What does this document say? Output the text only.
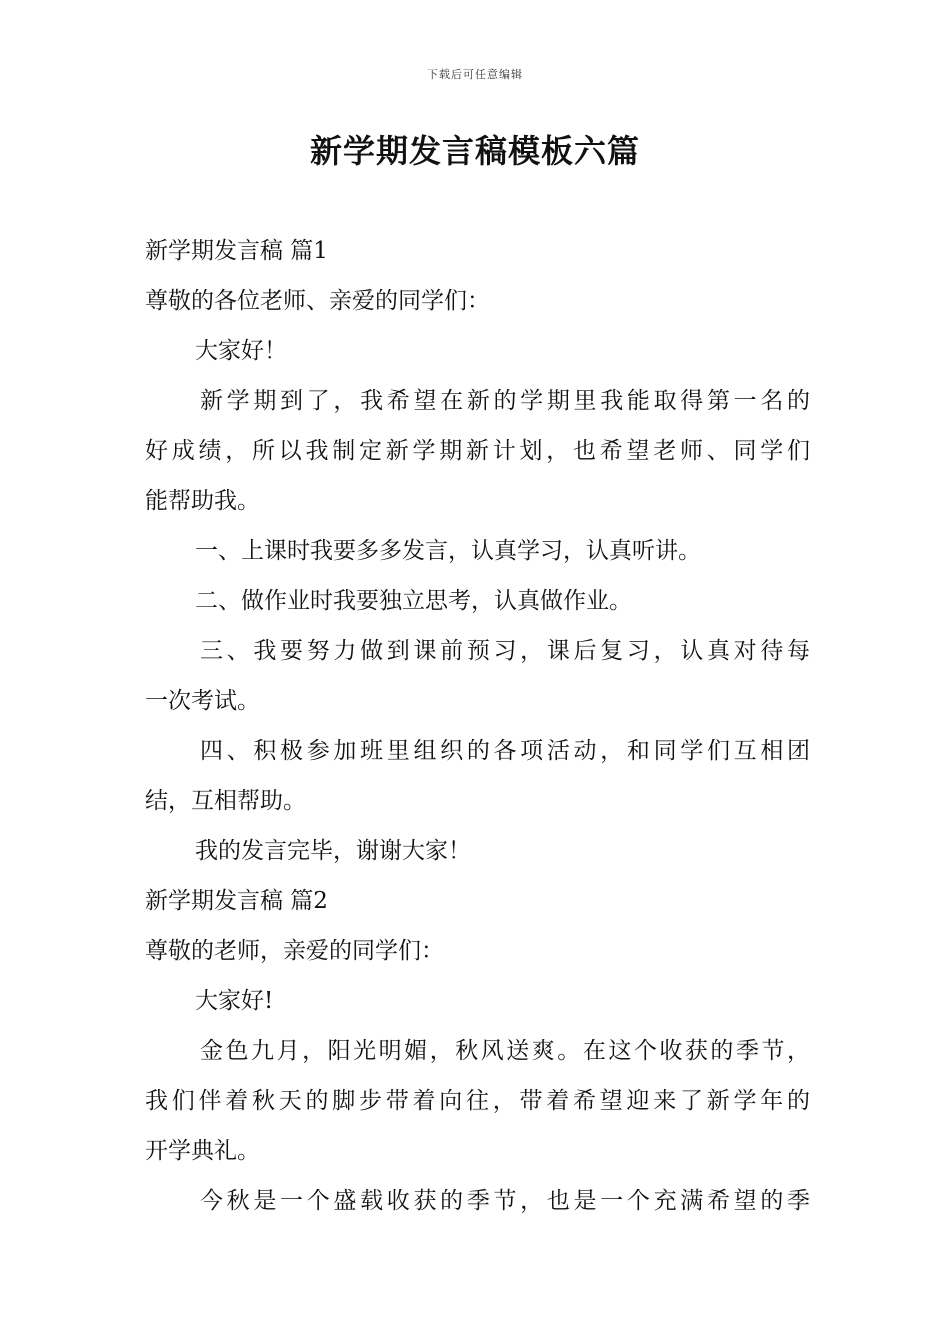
下载后可任意编辑
新学期发言稿模板六篇

新学期发言稿 篇1

尊敬的各位老师、亲爱的同学们：

大家好！

新学期到了，我希望在新的学期里我能取得第一名的

好成绩，所以我制定新学期新计划，也希望老师、同学们

能帮助我。

一、上课时我要多多发言，认真学习，认真听讲。

二、做作业时我要独立思考，认真做作业。

三、我要努力做到课前预习，课后复习，认真对待每

一次考试。

四、积极参加班里组织的各项活动，和同学们互相团

结，互相帮助。

我的发言完毕，谢谢大家！

新学期发言稿 篇2

尊敬的老师，亲爱的同学们：

大家好!

金色九月，阳光明媚，秋风送爽。在这个收获的季节，

我们伴着秋天的脚步带着向往，带着希望迎来了新学年的

开学典礼。

今秋是一个盛载收获的季节，也是一个充满希望的季
